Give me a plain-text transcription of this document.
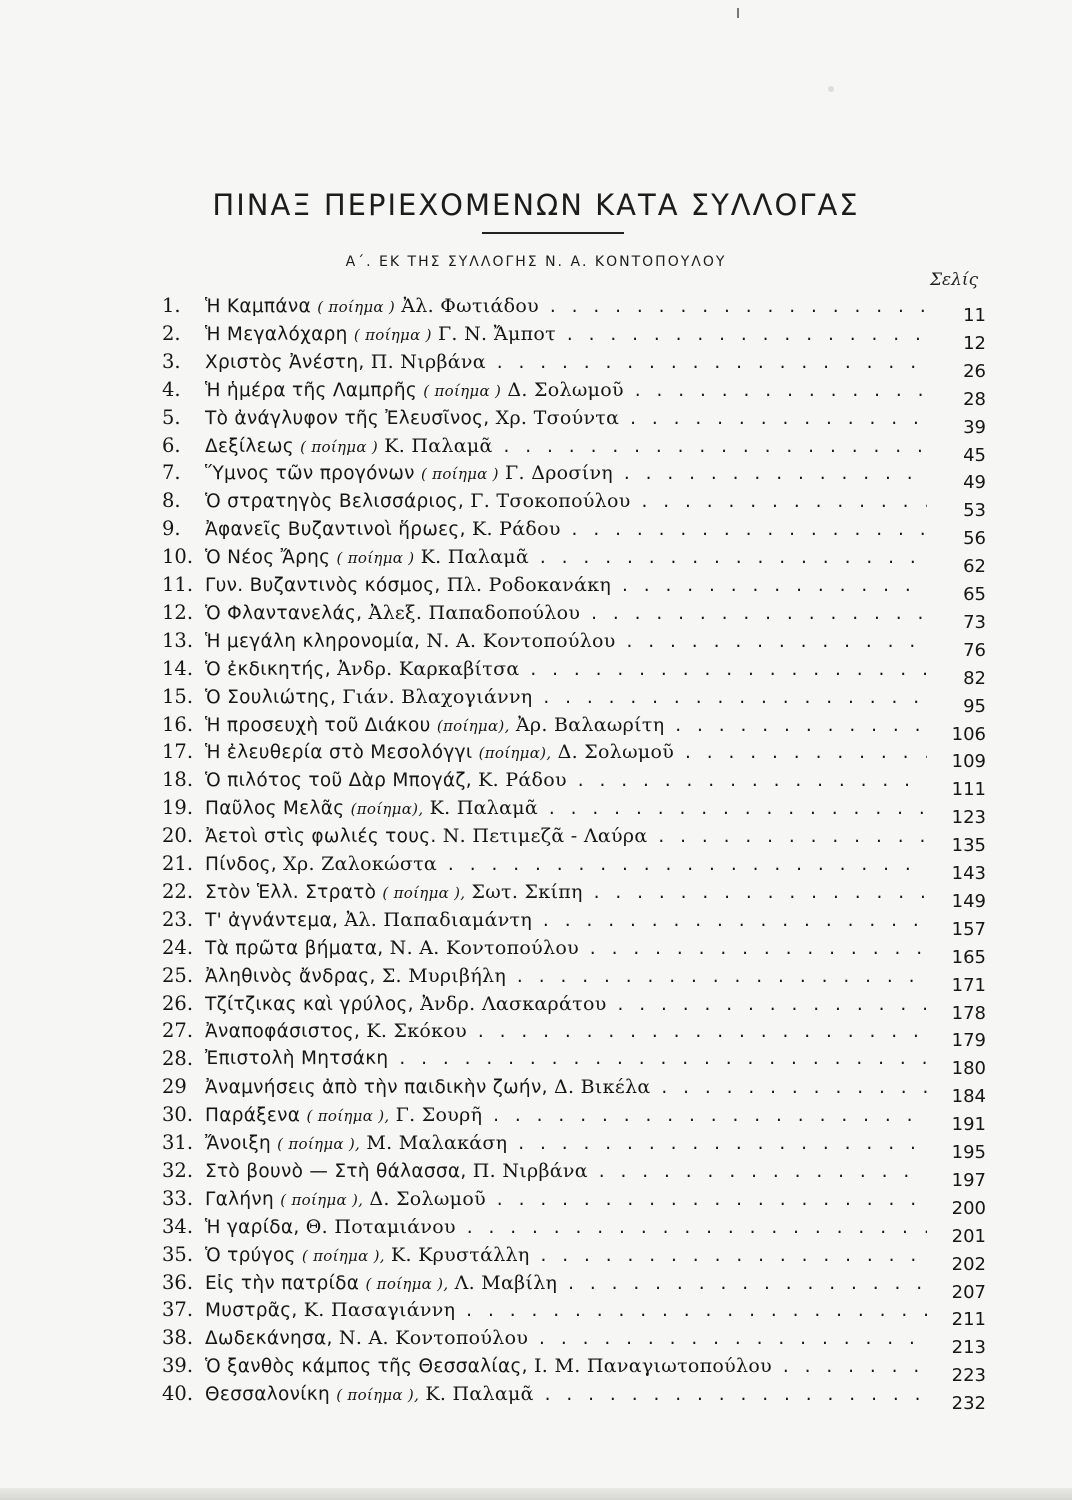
ΠΙΝΑΞ ΠΕΡΙΕΧΟΜΕΝΩΝ ΚΑΤΑ ΣΥΛΛΟΓΑΣ
Α΄. ΕΚ ΤΗΣ ΣΥΛΛΟΓΗΣ Ν. Α. ΚΟΝΤΟΠΟΥΛΟΥ
Σελίς
1.	Ἡ Καμπάνα ( ποίημα ) Ἀλ. Φωτιάδου . . .	11
2.	Ἡ Μεγαλόχαρη ( ποίημα ) Γ. Ν. Ἄμποτ . . .	12
3.	Χριστὸς Ἀνέστη, Π. Νιρβάνα . . .	26
4.	Ἡ ἡμέρα τῆς Λαμπρῆς ( ποίημα ) Δ. Σολωμοῦ . . .	28
5.	Τὸ ἀνάγλυφον τῆς Ἐλευσῖνος, Χρ. Τσούντα . . .	39
6.	Δεξίλεως ( ποίημα ) Κ. Παλαμᾶ . . .	45
7.	Ὕμνος τῶν προγόνων ( ποίημα ) Γ. Δροσίνη . . .	49
8.	Ὁ στρατηγὸς Βελισσάριος, Γ. Τσοκοπούλου . . .	53
9.	Ἀφανεῖς Βυζαντινοὶ ἥρωες, Κ. Ράδου . . .	56
10. Ὁ Νέος Ἄρης ( ποίημα ) Κ. Παλαμᾶ . . .	62
11. Γυν. Βυζαντινὸς κόσμος, Πλ. Ροδοκανάκη . . .	65
12. Ὁ Φλαντανελάς, Ἀλεξ. Παπαδοπούλου . . .	73
13. Ἡ μεγάλη κληρονομία, Ν. Α. Κοντοπούλου . . .	76
14. Ὁ ἐκδικητής, Ἀνδρ. Καρκαβίτσα . . .	82
15. Ὁ Σουλιώτης, Γιάν. Βλαχογιάννη . . .	95
16. Ἡ προσευχὴ τοῦ Διάκου (ποίημα), Ἀρ. Βαλαωρίτη . . .	106
17. Ἡ ἐλευθερία στὸ Μεσολόγγι (ποίημα), Δ. Σολωμοῦ . . .	109
18. Ὁ πιλότος τοῦ Δὰρ Μπογάζ, Κ. Ράδου . . .	111
19. Παῦλος Μελᾶς (ποίημα), Κ. Παλαμᾶ . . .	123
20. Ἀετοὶ στὶς φωλιές τους. Ν. Πετιμεζᾶ - Λαύρα . . .	135
21. Πίνδος, Χρ. Ζαλοκώστα . . .	143
22. Στὸν Ἑλλ. Στρατὸ ( ποίημα ), Σωτ. Σκίπη . . .	149
23. Τ' ἀγνάντεμα, Ἀλ. Παπαδιαμάντη . . .	157
24. Τὰ πρῶτα βήματα, Ν. Α. Κοντοπούλου . . .	165
25. Ἀληθινὸς ἄνδρας, Σ. Μυριβήλη . . .	171
26. Τζίτζικας καὶ γρύλος, Ἀνδρ. Λασκαράτου . . .	178
27. Ἀναποφάσιστος, Κ. Σκόκου . . .	179
28. Ἐπιστολὴ Μητσάκη . . .	180
29 Ἀναμνήσεις ἀπὸ τὴν παιδικὴν ζωήν, Δ. Βικέλα . . .	184
30. Παράξενα ( ποίημα ), Γ. Σουρῆ . . .	191
31. Ἄνοιξη ( ποίημα ), Μ. Μαλακάση . . .	195
32. Στὸ βουνὸ — Στὴ θάλασσα, Π. Νιρβάνα . . .	197
33. Γαλήνη ( ποίημα ), Δ. Σολωμοῦ . . .	200
34. Ἡ γαρίδα, Θ. Ποταμιάνου . . .	201
35. Ὁ τρύγος ( ποίημα ), Κ. Κρυστάλλη . . .	202
36. Εἰς τὴν πατρίδα ( ποίημα ), Λ. Μαβίλη . . .	207
37. Μυστρᾶς, Κ. Πασαγιάννη . . .	211
38. Δωδεκάνησα, Ν. Α. Κοντοπούλου . . .	213
39. Ὁ ξανθὸς κάμπος τῆς Θεσσαλίας, Ι. Μ. Παναγιωτοπούλου . . .	223
40. Θεσσαλονίκη ( ποίημα ), Κ. Παλαμᾶ . . .	232
